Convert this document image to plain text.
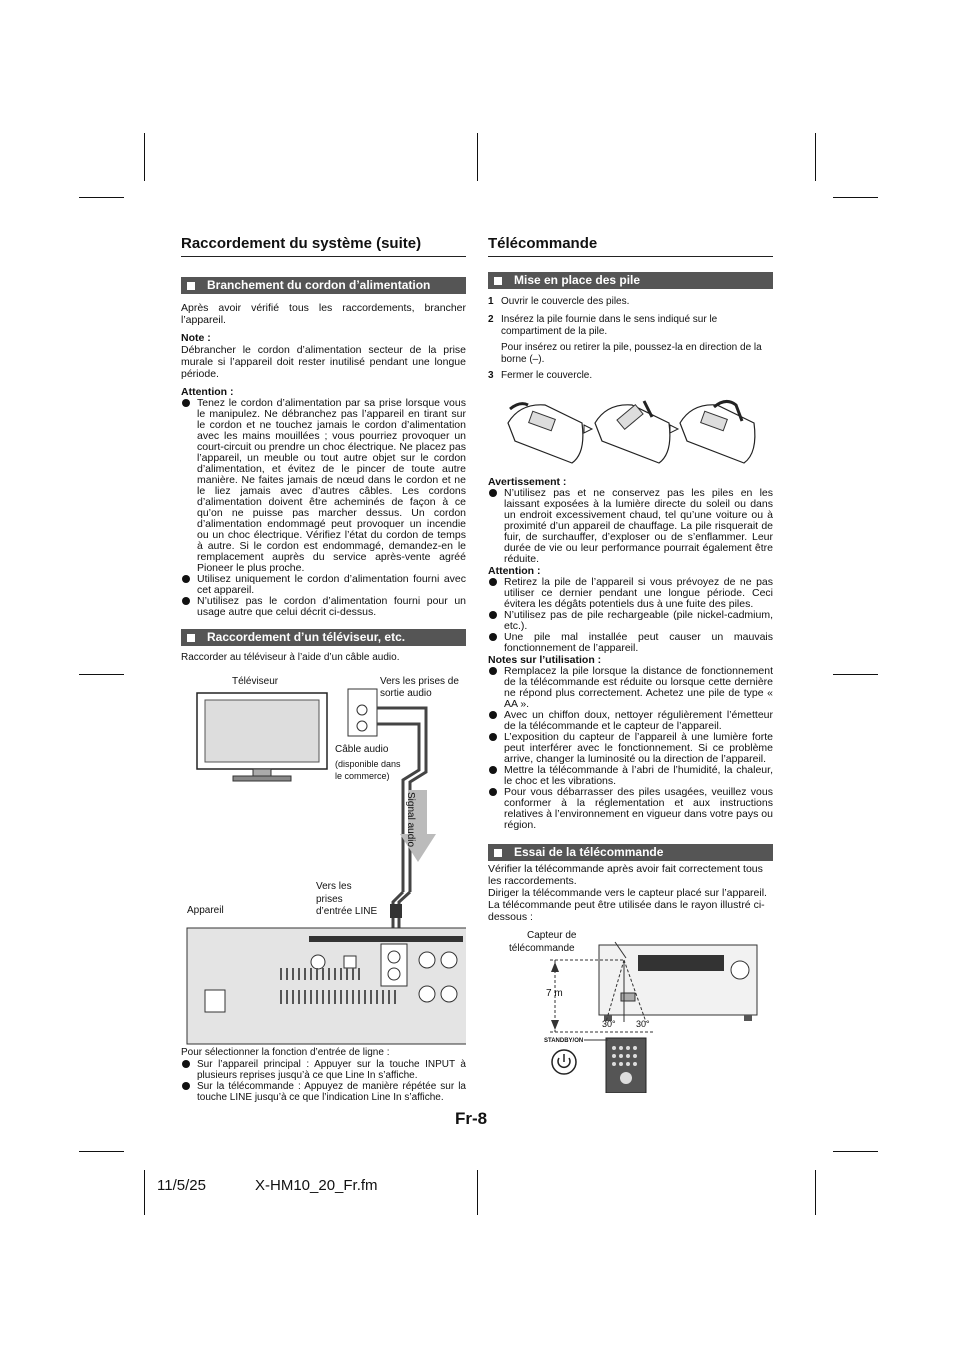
Raccordement du système (suite)
Branchement du cordon d’alimentation

Après avoir vérifié tous les raccordements, brancher l’appareil.

Note :

Débrancher le cordon d’alimentation secteur de la prise murale si l’appareil doit rester inutilisé pendant une longue période.

Attention :

Tenez le cordon d’alimentation par sa prise lorsque vous le manipulez. Ne débranchez pas l’appareil en tirant sur le cordon et ne touchez jamais le cordon d’alimentation avec les mains mouillées ; vous pourriez provoquer un court-circuit ou prendre un choc électrique. Ne placez pas l’appareil, un meuble ou tout autre objet sur le cordon d’alimentation, et évitez de le pincer de toute autre manière. Ne faites jamais de nœud dans le cordon et ne le liez jamais avec d’autres câbles. Les cordons d’alimentation doivent être acheminés de façon à ce qu’on ne puisse pas marcher dessus. Un cordon d’alimentation endommagé peut provoquer un incendie ou un choc électrique. Vérifiez l’état du cordon de temps à autre. Si le cordon est endommagé, demandez-en le remplacement auprès du service après-vente agréé Pioneer le plus proche.
Utilisez uniquement le cordon d’alimentation fourni avec cet appareil.
N’utilisez pas le cordon d’alimentation fourni pour un usage autre que celui décrit ci-dessus.
Raccordement d’un téléviseur, etc.

Raccorder au téléviseur à l’aide d’un câble audio.

Téléviseur	Vers les prises de
sortie audio
Câble audio
(disponible dans
le commerce)
Signal audio
Vers les
prises
d’entrée LINE
Appareil

Pour sélectionner la fonction d’entrée de ligne :

Sur l’appareil principal : Appuyer sur la touche INPUT à plusieurs reprises jusqu’à ce que Line In s’affiche.
Sur la télécommande : Appuyez de manière répétée sur la touche LINE jusqu’à ce que l’indication Line In s’affiche.
Télécommande
Mise en place des pile
1 Ouvrir le couvercle des piles.
2 Insérez la pile fournie dans le sens indiqué sur le compartiment de la pile.
Pour insérez ou retirer la pile, poussez-la en direction de la borne (–).
3 Fermer le couvercle.

Avertissement :

N’utilisez pas et ne conservez pas les piles en les laissant exposées à la lumière directe du soleil ou dans un endroit excessivement chaud, tel qu’une voiture ou à proximité d’un appareil de chauffage. La pile risquerait de fuir, de surchauffer, d’exploser ou de s’enflammer. Leur durée de vie ou leur performance pourrait également être réduite.

Attention :

Retirez la pile de l’appareil si vous prévoyez de ne pas utiliser ce dernier pendant une longue période. Ceci évitera les dégâts potentiels dus à une fuite des piles.
N’utilisez pas de pile rechargeable (pile nickel-cadmium, etc.).
Une pile mal installée peut causer un mauvais fonctionnement de l’appareil.

Notes sur l’utilisation :

Remplacez la pile lorsque la distance de fonctionnement de la télécommande est réduite ou lorsque cette dernière ne répond plus correctement. Achetez une pile de type « AA ».
Avec un chiffon doux, nettoyer régulièrement l’émetteur de la télécommande et le capteur de l’appareil.
L’exposition du capteur de l’appareil à une lumière forte peut interférer avec le fonctionnement. Si ce problème arrive, changer la luminosité ou la direction de l’appareil.
Mettre la télécommande à l’abri de l’humidité, la chaleur, le choc et les vibrations.
Pour vous débarrasser des piles usagées, veuillez vous conformer à la réglementation et aux instructions relatives à l’environnement en vigueur dans votre pays ou région.
Essai de la télécommande

Vérifier la télécommande après avoir fait correctement tous les raccordements.

Diriger la télécommande vers le capteur placé sur l’appareil. La télécommande peut être utilisée dans le rayon illustré ci-dessous :

Capteur de
télécommande
7 m
30° 30°
STANDBY/ON
Fr-8
11/5/25	X-HM10_20_Fr.fm
